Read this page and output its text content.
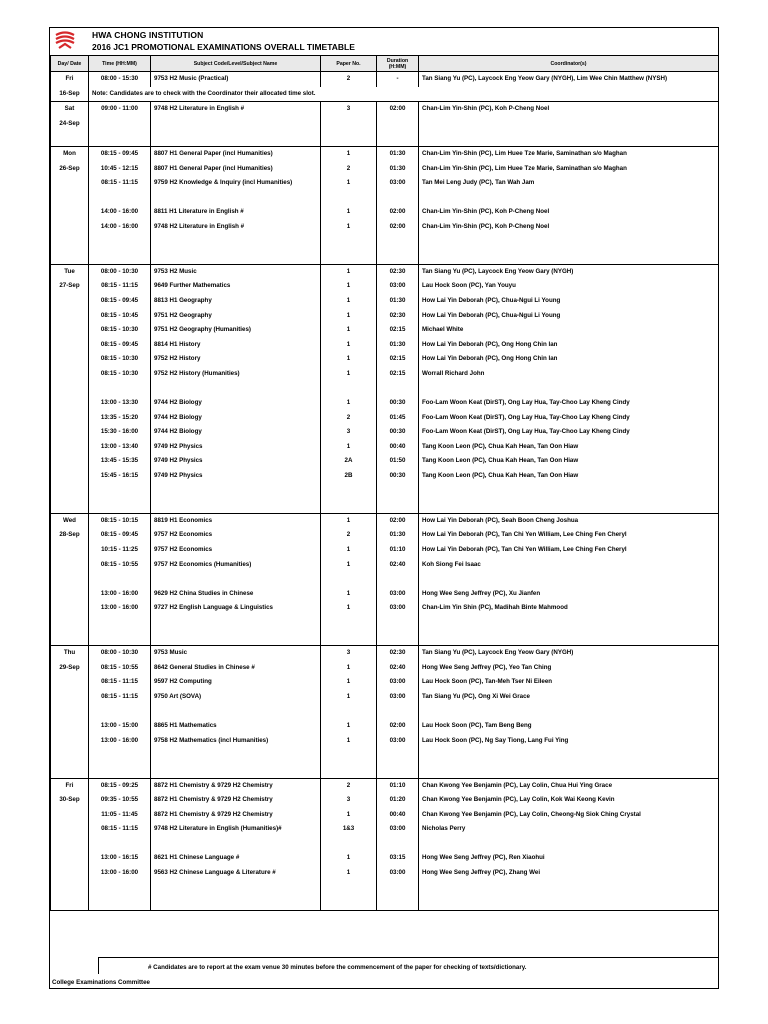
HWA CHONG INSTITUTION
2016 JC1 PROMOTIONAL EXAMINATIONS OVERALL TIMETABLE
Day/ Date	Time (HH:MM)	Subject Code/Level/Subject Name	Paper No.	Duration (H:MM)	Coordinator(s)
Fri	08:00 - 15:30	9753 H2 Music (Practical)	2	-	Tan Siang Yu (PC), Laycock Eng Yeow Gary (NYGH), Lim Wee Chin Matthew (NYSH)
16-Sep	Note: Candidates are to check with the Coordinator their allocated time slot.				
Sat	09:00 - 11:00	9748 H2 Literature in English #	3	02:00	Chan-Lim Yin-Shin (PC), Koh P-Cheng Noel
24-Sep					

Mon	08:15 - 09:45	8807 H1 General Paper (incl Humanities)	1	01:30	Chan-Lim Yin-Shin (PC), Lim Huee Tze Marie, Saminathan s/o Maghan
26-Sep	10:45 - 12:15	8807 H1 General Paper (incl Humanities)	2	01:30	Chan-Lim Yin-Shin (PC), Lim Huee Tze Marie, Saminathan s/o Maghan
	08:15 - 11:15	9759 H2 Knowledge & Inquiry (incl Humanities)	1	03:00	Tan Mei Leng Judy (PC), Tan Wah Jam

	14:00 - 16:00	8811 H1 Literature in English #	1	02:00	Chan-Lim Yin-Shin (PC), Koh P-Cheng Noel
	14:00 - 16:00	9748 H2 Literature in English #	1	02:00	Chan-Lim Yin-Shin (PC), Koh P-Cheng Noel

Tue	08:00 - 10:30	9753 H2 Music	1	02:30	Tan Siang Yu (PC), Laycock Eng Yeow Gary (NYGH)
27-Sep	08:15 - 11:15	9649 Further Mathematics	1	03:00	Lau Hock Soon (PC), Yan Youyu
	08:15 - 09:45	8813 H1 Geography	1	01:30	How Lai Yin Deborah (PC), Chua-Ngui Li Young
	08:15 - 10:45	9751 H2 Geography	1	02:30	How Lai Yin Deborah (PC), Chua-Ngui Li Young
	08:15 - 10:30	9751 H2 Geography (Humanities)	1	02:15	Michael White
	08:15 - 09:45	8814 H1 History	1	01:30	How Lai Yin Deborah (PC), Ong Hong Chin Ian
	08:15 - 10:30	9752 H2 History	1	02:15	How Lai Yin Deborah (PC), Ong Hong Chin Ian
	08:15 - 10:30	9752 H2 History (Humanities)	1	02:15	Worrall Richard John

	13:00 - 13:30	9744 H2 Biology	1	00:30	Foo-Lam Woon Keat (DirST), Ong Lay Hua, Tay-Choo Lay Kheng Cindy
	13:35 - 15:20	9744 H2 Biology	2	01:45	Foo-Lam Woon Keat (DirST), Ong Lay Hua, Tay-Choo Lay Kheng Cindy
	15:30 - 16:00	9744 H2 Biology	3	00:30	Foo-Lam Woon Keat (DirST), Ong Lay Hua, Tay-Choo Lay Kheng Cindy
	13:00 - 13:40	9749 H2 Physics	1	00:40	Tang Koon Leon (PC), Chua Kah Hean, Tan Oon Hiaw
	13:45 - 15:35	9749 H2 Physics	2A	01:50	Tang Koon Leon (PC), Chua Kah Hean, Tan Oon Hiaw
	15:45 - 16:15	9749 H2 Physics	2B	00:30	Tang Koon Leon (PC), Chua Kah Hean, Tan Oon Hiaw

Wed	08:15 - 10:15	8819 H1 Economics	1	02:00	How Lai Yin Deborah (PC), Seah Boon Cheng Joshua
28-Sep	08:15 - 09:45	9757 H2 Economics	2	01:30	How Lai Yin Deborah (PC), Tan Chi Yen William, Lee Ching Fen Cheryl
	10:15 - 11:25	9757 H2 Economics	1	01:10	How Lai Yin Deborah (PC), Tan Chi Yen William, Lee Ching Fen Cheryl
	08:15 - 10:55	9757 H2 Economics (Humanities)	1	02:40	Koh Siong Fei Isaac

	13:00 - 16:00	9629 H2 China Studies in Chinese	1	03:00	Hong Wee Seng Jeffrey (PC), Xu Jianfen
	13:00 - 16:00	9727 H2 English Language & Linguistics	1	03:00	Chan-Lim Yin Shin (PC), Madihah Binte Mahmood

Thu	08:00 - 10:30	9753 Music	3	02:30	Tan Siang Yu (PC), Laycock Eng Yeow Gary (NYGH)
29-Sep	08:15 - 10:55	8642 General Studies in Chinese #	1	02:40	Hong Wee Seng Jeffrey (PC), Yeo Tan Ching
	08:15 - 11:15	9597 H2 Computing	1	03:00	Lau Hock Soon (PC), Tan-Meh Tser Ni Eileen
	08:15 - 11:15	9750 Art (SOVA)	1	03:00	Tan Siang Yu (PC), Ong Xi Wei Grace

	13:00 - 15:00	8865 H1 Mathematics	1	02:00	Lau Hock Soon (PC), Tam Beng Beng
	13:00 - 16:00	9758 H2 Mathematics (incl Humanities)	1	03:00	Lau Hock Soon (PC), Ng Say Tiong, Lang Fui Ying

Fri	08:15 - 09:25	8872 H1 Chemistry & 9729 H2 Chemistry	2	01:10	Chan Kwong Yee Benjamin (PC), Lay Colin, Chua Hui Ying Grace
30-Sep	09:35 - 10:55	8872 H1 Chemistry & 9729 H2 Chemistry	3	01:20	Chan Kwong Yee Benjamin (PC), Lay Colin, Kok Wai Keong Kevin
	11:05 - 11:45	8872 H1 Chemistry & 9729 H2 Chemistry	1	00:40	Chan Kwong Yee Benjamin (PC), Lay Colin, Cheong-Ng Siok Ching Crystal
	08:15 - 11:15	9748 H2 Literature in English (Humanities)#	1&3	03:00	Nicholas Perry

	13:00 - 16:15	8621 H1 Chinese Language #	1	03:15	Hong Wee Seng Jeffrey (PC), Ren Xiaohui
	13:00 - 16:00	9563 H2 Chinese Language & Literature #	1	03:00	Hong Wee Seng Jeffrey (PC), Zhang Wei

# Candidates are to report at the exam venue 30 minutes before the commencement of the paper for checking of texts/dictionary.
College Examinations Committee
